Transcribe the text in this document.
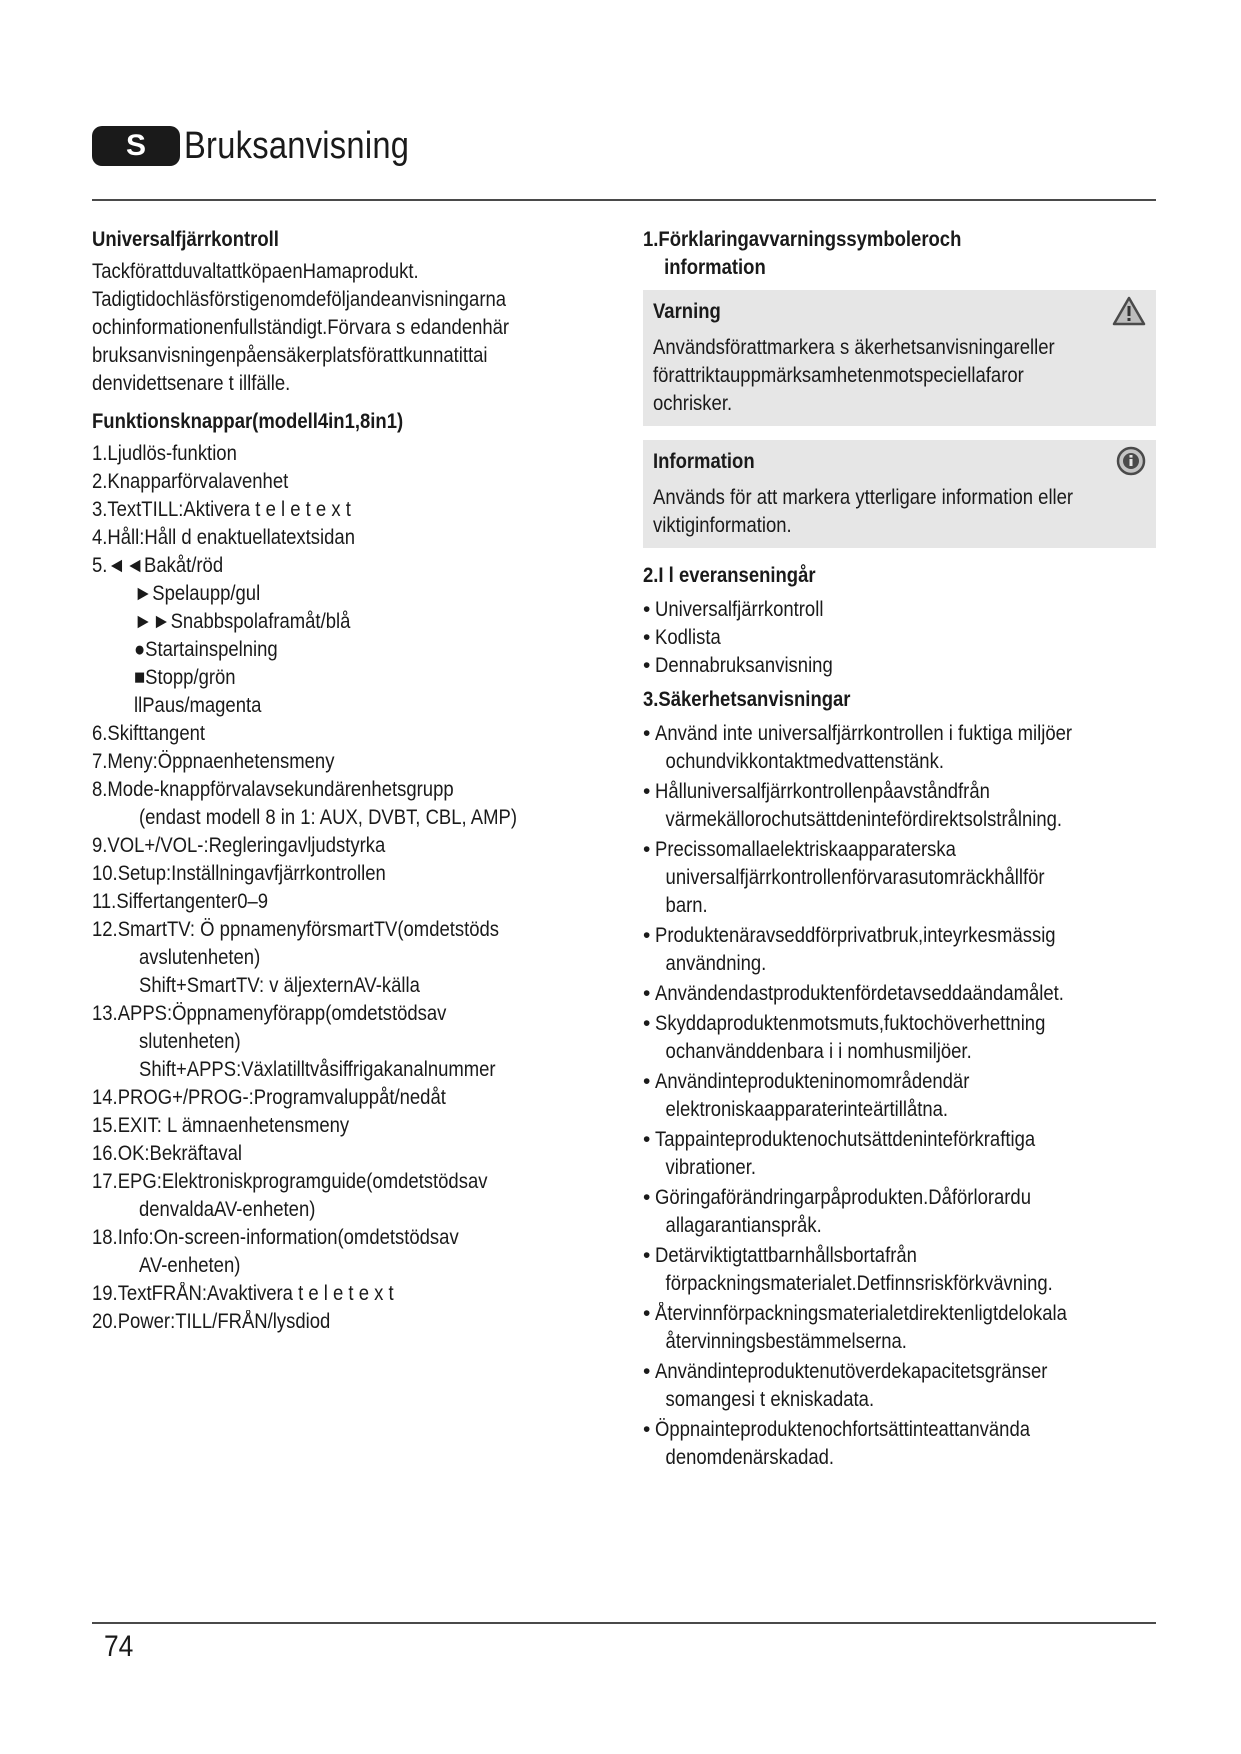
S	Bruksanvisning
Universalfjärrkontroll
TackförattduvaltattköpaenHamaprodukt.
Tadigtidochläsförstigenomdeföljandeanvisningarna
ochinformationenfullständigt.Förvara s edandenhär
bruksanvisningenpåensäkerplatsförattkunnatittai
denvidettsenare t illfälle.
Funktionsknappar(modell4in1,8in1)
1.Ljudlös-funktion
2.Knapparförvalavenhet
3.TextTILL:Aktivera t e l e t e x t
4.Håll:Håll d enaktuellatextsidan
5.◄◄Bakåt/röd
►Spelaupp/gul
►►Snabbspolaframåt/blå
●Startainspelning
■Stopp/grön
llPaus/magenta
6.Skifttangent
7.Meny:Öppnaenhetensmeny
8.Mode-knappförvalavsekundärenhetsgrupp
(endast modell 8 in 1: AUX, DVBT, CBL, AMP)
9.VOL+/VOL-:Regleringavljudstyrka
10.Setup:Inställningavfjärrkontrollen
11.Siffertangenter0–9
12.SmartTV: Ö ppnamenyförsmartTV(omdetstöds
avslutenheten)
Shift+SmartTV: v äljexternAV-källa
13.APPS:Öppnamenyförapp(omdetstödsav
slutenheten)
Shift+APPS:Växlatilltvåsiffrigakanalnummer
14.PROG+/PROG-:Programvaluppåt/nedåt
15.EXIT: L ämnaenhetensmeny
16.OK:Bekräftaval
17.EPG:Elektroniskprogramguide(omdetstödsav
denvaldaAV-enheten)
18.Info:On-screen-information(omdetstödsav
AV-enheten)
19.TextFRÅN:Avaktivera t e l e t e x t
20.Power:TILL/FRÅN/lysdiod
1.Förklaringavvarningssymboleroch
information
Varning
Användsförattmarkera s äkerhetsanvisningareller
förattriktauppmärksamhetenmotspeciellafaror
ochrisker.
Information
Används för att markera ytterligare information eller
viktiginformation.
2.I l everanseningår
• Universalfjärrkontroll
• Kodlista
• Dennabruksanvisning
3.Säkerhetsanvisningar
• Använd inte universalfjärrkontrollen i fuktiga miljöer
ochundvikkontaktmedvattenstänk.
• Hålluniversalfjärrkontrollenpåavståndfrån
värmekällorochutsättdenintefördirektsolstrålning.
• Precissomallaelektriskaapparaterska
universalfjärrkontrollenförvarasutomräckhållför
barn.
• Produktenäravseddförprivatbruk,inteyrkesmässig
användning.
• Användendastproduktenfördetavseddaändamålet.
• Skyddaproduktenmotsmuts,fuktochöverhettning
ochanvänddenbara i i nomhusmiljöer.
• Användinteprodukteninomområdendär
elektroniskaapparaterinteärtillåtna.
• Tappainteproduktenochutsättdeninteförkraftiga
vibrationer.
• Göringaförändringarpåprodukten.Dåförlorardu
allagarantianspråk.
• Detärviktigtattbarnhållsbortafrån
förpackningsmaterialet.Detfinnsriskförkvävning.
• Återvinnförpackningsmaterialetdirektenligtdelokala
återvinningsbestämmelserna.
• Användinteproduktenutöverdekapacitetsgränser
somangesi t ekniskadata.
• Öppnainteproduktenochfortsättinteattanvända
denomdenärskadad.
74
